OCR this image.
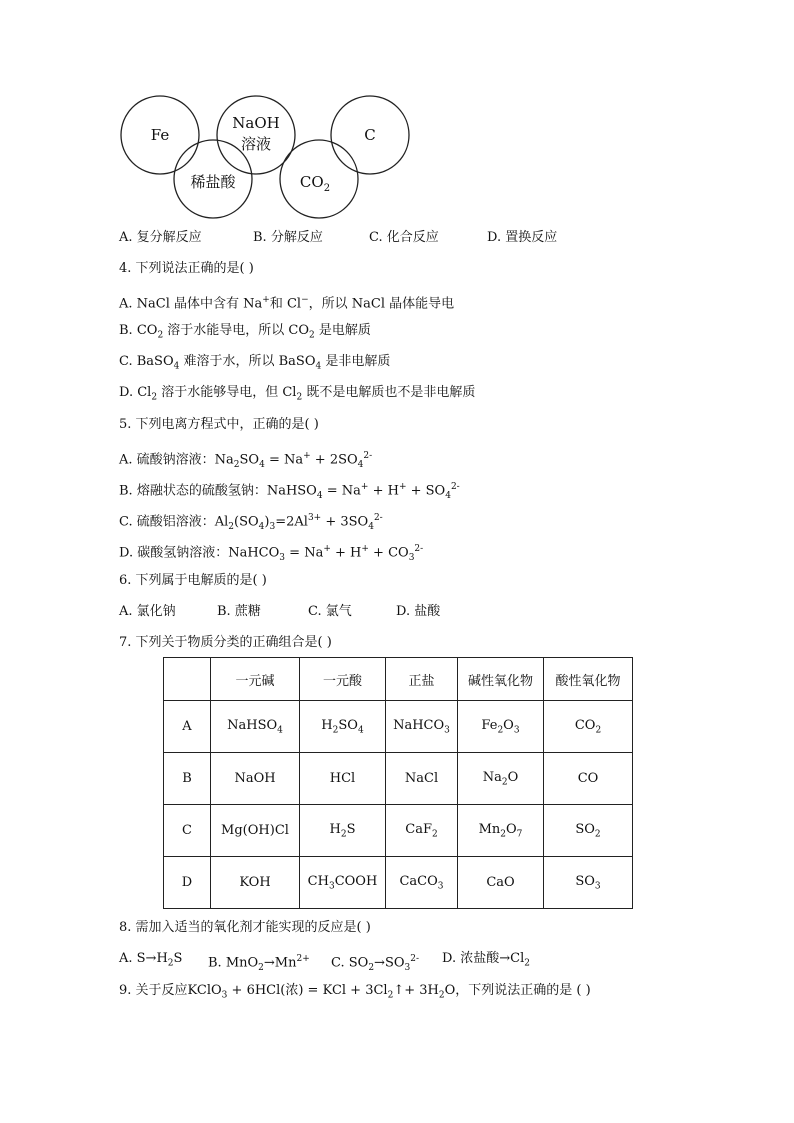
Fe
NaOH
溶液	C
稀盐酸	$CO_2$
A. 复分解反应	B. 分解反应	C. 化合反应	D. 置换反应
4. 下列说法正确的是( )
A. NaCl 晶体中含有 Na+和 Cl−，所以 NaCl 晶体能导电
B. $CO_2$ 溶于水能导电，所以 $CO_2$ 是电解质
C. BaSO$_4$ 难溶于水，所以 BaSO$_4$ 是非电解质
D. $Cl_2$ 溶于水能够导电，但 $Cl_2$ 既不是电解质也不是非电解质
5. 下列电离方程式中，正确的是( )
A. 硫酸钠溶液：$Na_2SO_4 = Na^+ + 2SO_4^{2-}$
B. 熔融状态的硫酸氢钠：NaHSO$_4$ = $Na^+ + H^+ + SO_4^{2-}$
C. 硫酸铝溶液：$Al_2(SO_4)_3=2Al^{3+} + 3SO_4^{2-}$
D. 碳酸氢钠溶液：NaHCO$_3$ = $Na^+ + H^+ + CO_3^{2-}$
6. 下列属于电解质的是( )
A. 氯化钠	B. 蔗糖	C. 氯气	D. 盐酸
7. 下列关于物质分类的正确组合是( )
	一元碱	一元酸	正盐	碱性氧化物	酸性氧化物
A	NaHSO$_4$	$H_2SO_4$	NaHCO$_3$	$Fe_2O_3$	$CO_2$
B	NaOH	HCl	NaCl	$Na_2O$	CO
C	Mg(OH)Cl	$H_2S$	CaF$_2$	$Mn_2O_7$	$SO_2$
D	KOH	$CH_3COOH$	CaCO$_3$	CaO	$SO_3$
8. 需加入适当的氧化剂才能实现的反应是( )
A. $S\to H_2S$	B. $MnO_2\to Mn^{2+}$	C. $SO_2\to SO_3^{2-}$	D. 浓盐酸$\to Cl_2$
9. 关于反应KClO$_3$ + 6HCl(浓) = KCl + $3Cl_2↑+ 3H_2O$，下列说法正确的是 ( )
